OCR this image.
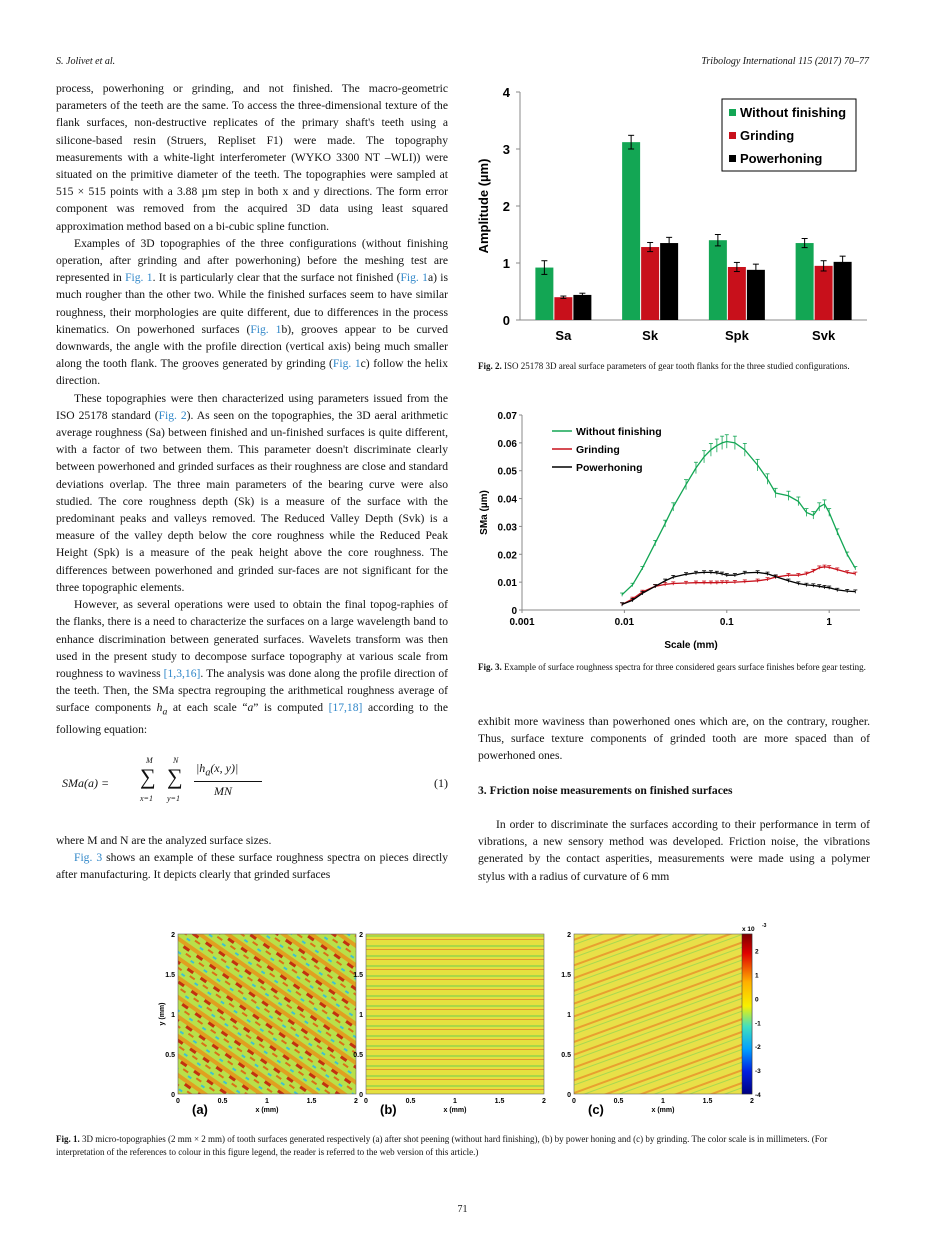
S. Jolivet et al.	Tribology International 115 (2017) 70–77

process, powerhoning or grinding, and not finished. The macro-geometric parameters of the teeth are the same. To access the three-dimensional texture of the flank surfaces, non-destructive replicates of the primary shaft's teeth using a silicone-based resin (Struers, Repliset F1) were made. The topography measurements with a white-light interferometer (WYKO 3300 NT –WLI)) were situated on the primitive diameter of the teeth. The topographies were sampled at 515 × 515 points with a 3.88 µm step in both x and y directions. The form error component was removed from the acquired 3D data using least squared approximation method based on a bi-cubic spline function.

Examples of 3D topographies of the three configurations (without finishing operation, after grinding and after powerhoning) before the meshing test are represented in Fig. 1. It is particularly clear that the surface not finished (Fig. 1a) is much rougher than the other two. While the finished surfaces seem to have similar roughness, their morphologies are quite different, due to differences in the process kinematics. On powerhoned surfaces (Fig. 1b), grooves appear to be curved downwards, the angle with the profile direction (vertical axis) being much smaller along the tooth flank. The grooves generated by grinding (Fig. 1c) follow the helix direction.

These topographies were then characterized using parameters issued from the ISO 25178 standard (Fig. 2). As seen on the topographies, the 3D aeral arithmetic average roughness (Sa) between finished and un-finished surfaces is quite different, with a factor of two between them. This parameter doesn't discriminate clearly between powerhoned and grinded surfaces as their roughness are close and standard deviations overlap. The three main parameters of the bearing curve were also studied. The core roughness depth (Sk) is a measure of the surface with the predominant peaks and valleys removed. The Reduced Valley Depth (Svk) is a measure of the valley depth below the core roughness while the Reduced Peak Height (Spk) is a measure of the peak height above the core roughness. The differences between powerhoned and grinded sur-faces are not significant for the three topographic elements.

However, as several operations were used to obtain the final topog-raphies of the flanks, there is a need to characterize the surfaces on a large wavelength band to enhance discrimination between generated surfaces. Wavelets transform was then used in the present study to decompose surface topography at various scale from roughness to waviness [1,3,16]. The analysis was done along the profile direction of the teeth. Then, the SMa spectra regrouping the arithmetical roughness average of surface components $h_a$ at each scale “a” is computed [17,18] according to the following equation:

SMa(a) =
M
∑
x=1
N
∑
y=1
$|h_a(x$, y)|
MN
(1)

where M and N are the analyzed surface sizes.

Fig. 3 shows an example of these surface roughness spectra on pieces directly after manufacturing. It depicts clearly that grinded surfaces

0
1
2
3
4
Amplitude (µm)
Sa	Sk	Spk	Svk
Without finishing
Grinding
Powerhoning
Fig. 2. ISO 25178 3D areal surface parameters of gear tooth flanks for the three studied configurations.
0
0.01
0.02
0.03
0.04
0.05
0.06
0.07
0.001	0.01	0.1	1
Scale (mm)
SMa (µm)
Without finishing
Grinding
Powerhoning
Fig. 3. Example of surface roughness spectra for three considered gears surface finishes before gear testing.

exhibit more waviness than powerhoned ones which are, on the contrary, rougher. Thus, surface texture components of grinded tooth are more spaced than of powerhoned ones.

3. Friction noise measurements on finished surfaces

In order to discriminate the surfaces according to their performance in term of vibrations, a new sensory method was developed. Friction noise, the vibrations generated by the contact asperities, measurements were made using a polymer stylus with a radius of curvature of 6 mm

0
0.5
1
1.5
2
0	0.5	1	1.5	2
x (mm)
(a)
0
0.5
1
1.5
2
0	0.5	1	1.5	2
x (mm)
(b)
0
0.5
1
1.5
2
0	0.5	1	1.5	2
x (mm)
(c)
y (mm)
2
1
0
-1
-2
-3
-4
x 10 -3
Fig. 1. 3D micro-topographies (2 mm × 2 mm) of tooth surfaces generated respectively (a) after shot peening (without hard finishing), (b) by power honing and (c) by grinding. The color scale is in millimeters. (For interpretation of the references to colour in this figure legend, the reader is referred to the web version of this article.)
71
